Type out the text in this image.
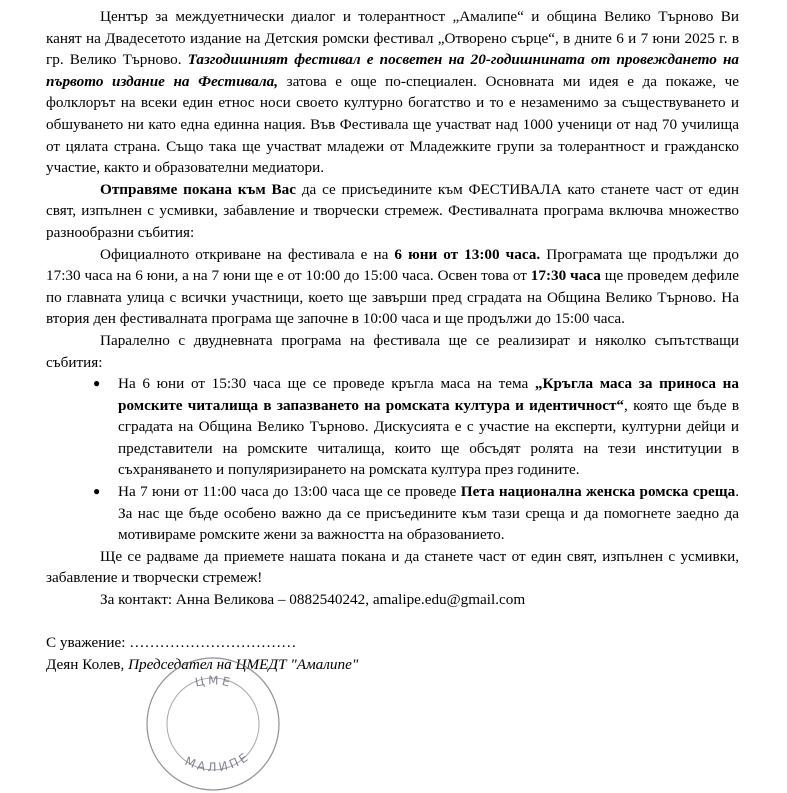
Център за междуетнически диалог и толерантност „Амалипе“ и община Велико Търново Ви канят на Двадесетото издание на Детския ромски фестивал „Отворено сърце“, в дните 6 и 7 юни 2025 г. в гр. Велико Търново. Тазгодишният фестивал е посветен на 20-годишнината от провеждането на първото издание на Фестивала, затова е още по-специален. Основната ми идея е да покаже, че фолклорът на всеки един етнос носи своето културно богатство и то е незаменимо за съществуването и обшуването ни като една единна нация. Във Фестивала ще участват над 1000 ученици от над 70 училища от цялата страна. Също така ще участват младежи от Младежките групи за толерантност и гражданско участие, както и образователни медиатори.

Отправяме покана към Вас да се присъедините към ФЕСТИВАЛА като станете част от един свят, изпълнен с усмивки, забавление и творчески стремеж. Фестивалната програма включва множество разнообразни събития:

Официалното откриване на фестивала е на 6 юни от 13:00 часа. Програмата ще продължи до 17:30 часа на 6 юни, а на 7 юни ще е от 10:00 до 15:00 часа. Освен това от 17:30 часа ще проведем дефиле по главната улица с всички участници, което ще завърши пред сградата на Община Велико Търново. На втория ден фестивалната програма ще започне в 10:00 часа и ще продължи до 15:00 часа.

Паралелно с двудневната програма на фестивала ще се реализират и няколко съпътстващи събития:

● На 6 юни от 15:30 часа ще се проведе кръгла маса на тема „Кръгла маса за приноса на ромските читалища в запазването на ромската култура и идентичност“, която ще бъде в сградата на Община Велико Търново. Дискусията е с участие на експерти, културни дейци и представители на ромските читалища, които ще обсъдят ролята на тези институции в съхраняването и популяризирането на ромската култура през годините.
● На 7 юни от 11:00 часа до 13:00 часа ще се проведе Пета национална женска ромска среща. За нас ще бъде особено важно да се присъедините към тази среща и да помогнете заедно да мотивираме ромските жени за важността на образованието.

Ще се радваме да приемете нашата покана и да станете част от един свят, изпълнен с усмивки, забавление и творчески стремеж!

За контакт: Анна Великова – 0882540242, amalipe.edu@gmail.com

С уважение: ……………………………

Деян Колев, Председател на ЦМЕДТ "Амалипе"

ЦМЕ
МАЛИПЕ
